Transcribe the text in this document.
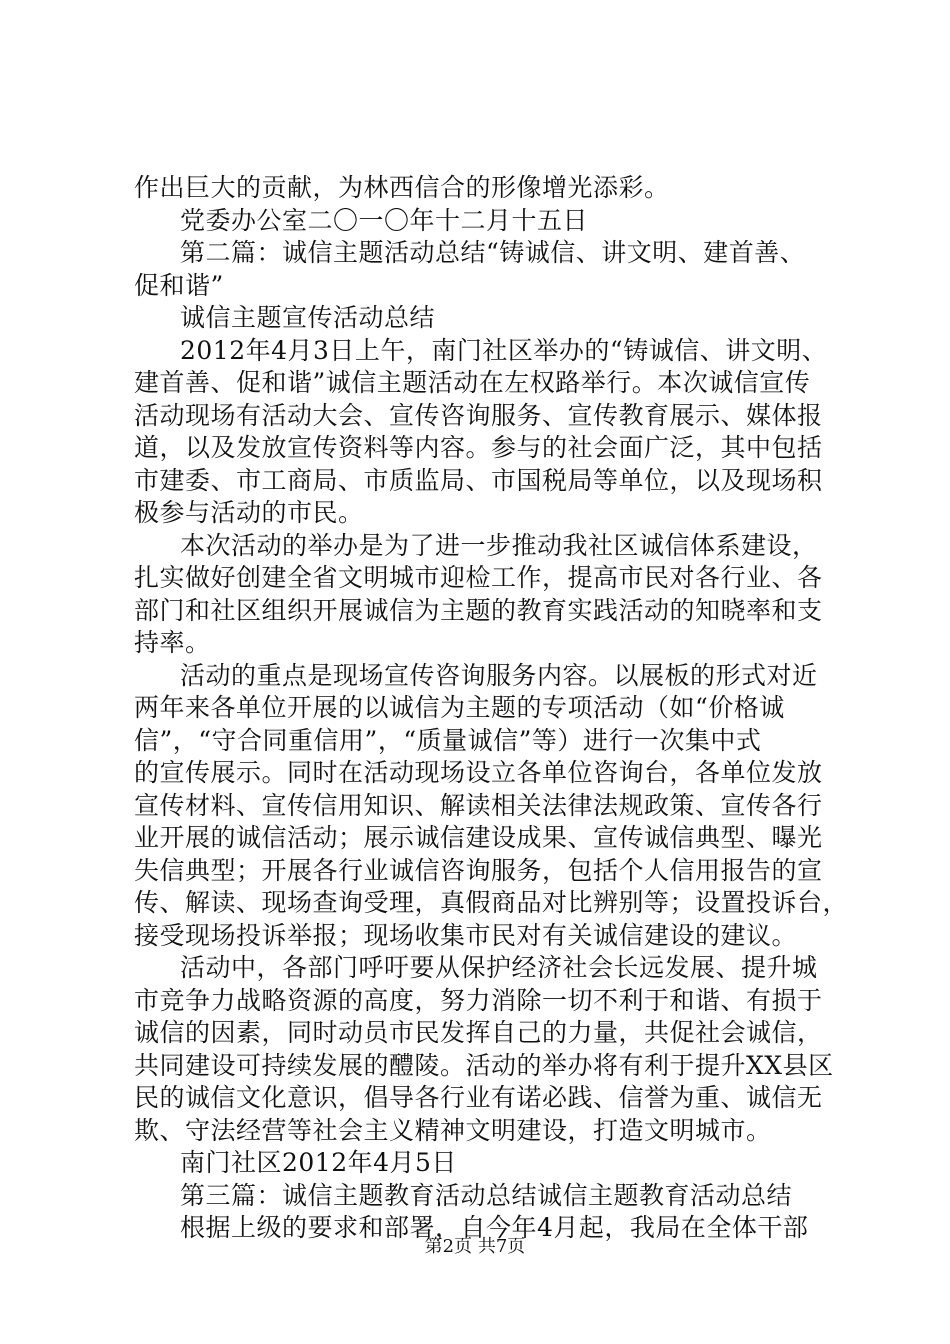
作出巨大的贡献，为林西信合的形像增光添彩。
党委办公室二〇一〇年十二月十五日
第二篇：诚信主题活动总结“铸诚信、讲文明、建首善、
促和谐”
诚信主题宣传活动总结
2012年4月3日上午，南门社区举办的“铸诚信、讲文明、
建首善、促和谐”诚信主题活动在左权路举行。本次诚信宣传
活动现场有活动大会、宣传咨询服务、宣传教育展示、媒体报
道，以及发放宣传资料等内容。参与的社会面广泛，其中包括
市建委、市工商局、市质监局、市国税局等单位，以及现场积
极参与活动的市民。
本次活动的举办是为了进一步推动我社区诚信体系建设，
扎实做好创建全省文明城市迎检工作，提高市民对各行业、各
部门和社区组织开展诚信为主题的教育实践活动的知晓率和支
持率。
活动的重点是现场宣传咨询服务内容。以展板的形式对近
两年来各单位开展的以诚信为主题的专项活动（如“价格诚
信”，“守合同重信用”，“质量诚信”等）进行一次集中式
的宣传展示。同时在活动现场设立各单位咨询台，各单位发放
宣传材料、宣传信用知识、解读相关法律法规政策、宣传各行
业开展的诚信活动；展示诚信建设成果、宣传诚信典型、曝光
失信典型；开展各行业诚信咨询服务，包括个人信用报告的宣
传、解读、现场查询受理，真假商品对比辨别等；设置投诉台，
接受现场投诉举报；现场收集市民对有关诚信建设的建议。
活动中，各部门呼吁要从保护经济社会长远发展、提升城
市竞争力战略资源的高度，努力消除一切不利于和谐、有损于
诚信的因素，同时动员市民发挥自己的力量，共促社会诚信，
共同建设可持续发展的醴陵。活动的举办将有利于提升XX县区
民的诚信文化意识，倡导各行业有诺必践、信誉为重、诚信无
欺、守法经营等社会主义精神文明建设，打造文明城市。
南门社区2012年4月5日
第三篇：诚信主题教育活动总结诚信主题教育活动总结
根据上级的要求和部署，自今年4月起，我局在全体干部
第2页 共7页
